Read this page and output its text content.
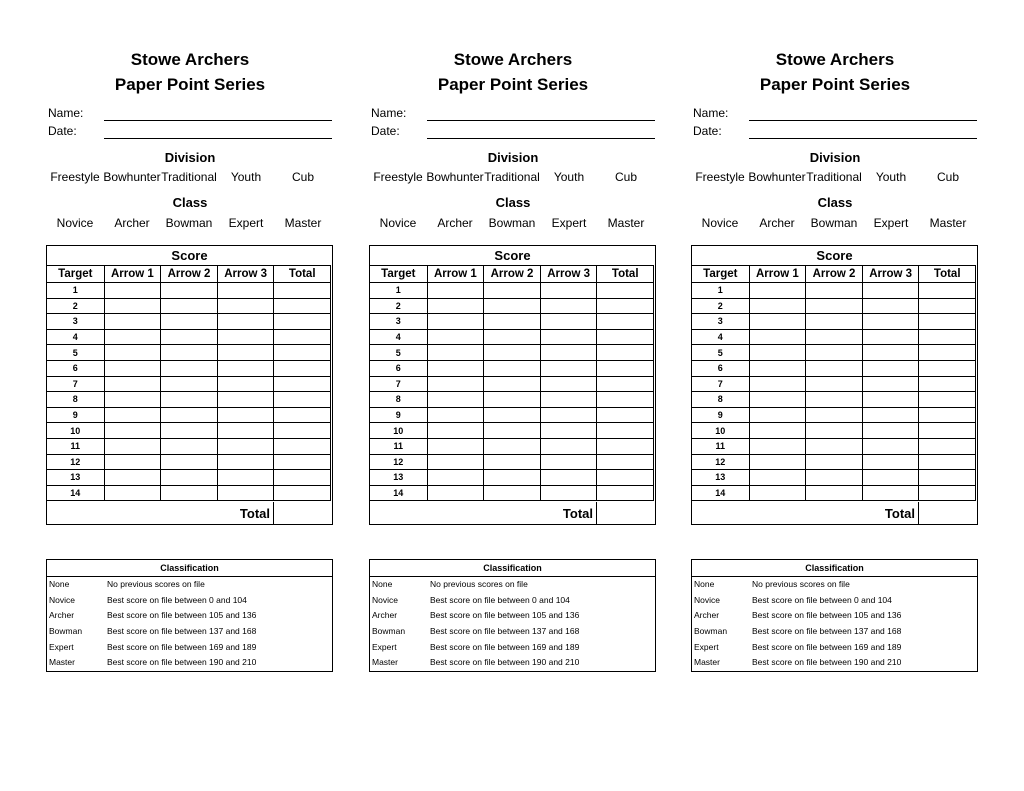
Stowe Archers
Paper Point Series
Name:
Date:
Division
Freestyle Bowhunter Traditional	Youth	Cub
Class
Novice	Archer	Bowman	Expert	Master
Score
Target	Arrow 1	Arrow 2	Arrow 3	Total
1				
2				
3				
4				
5				
6				
7				
8				
9				
10				
11				
12				
13				
14				
Total
Classification
None	No previous scores on file
Novice	Best score on file between 0 and 104
Archer	Best score on file between 105 and 136
Bowman	Best score on file between 137 and 168
Expert	Best score on file between 169 and 189
Master	Best score on file between 190 and 210
Stowe Archers
Paper Point Series
Name:
Date:
Division
Freestyle Bowhunter Traditional	Youth	Cub
Class
Novice	Archer	Bowman	Expert	Master
Score
Target	Arrow 1	Arrow 2	Arrow 3	Total
1				
2				
3				
4				
5				
6				
7				
8				
9				
10				
11				
12				
13				
14				
Total
Classification
None	No previous scores on file
Novice	Best score on file between 0 and 104
Archer	Best score on file between 105 and 136
Bowman	Best score on file between 137 and 168
Expert	Best score on file between 169 and 189
Master	Best score on file between 190 and 210
Stowe Archers
Paper Point Series
Name:
Date:
Division
Freestyle Bowhunter Traditional	Youth	Cub
Class
Novice	Archer	Bowman	Expert	Master
Score
Target	Arrow 1	Arrow 2	Arrow 3	Total
1				
2				
3				
4				
5				
6				
7				
8				
9				
10				
11				
12				
13				
14				
Total
Classification
None	No previous scores on file
Novice	Best score on file between 0 and 104
Archer	Best score on file between 105 and 136
Bowman	Best score on file between 137 and 168
Expert	Best score on file between 169 and 189
Master	Best score on file between 190 and 210
